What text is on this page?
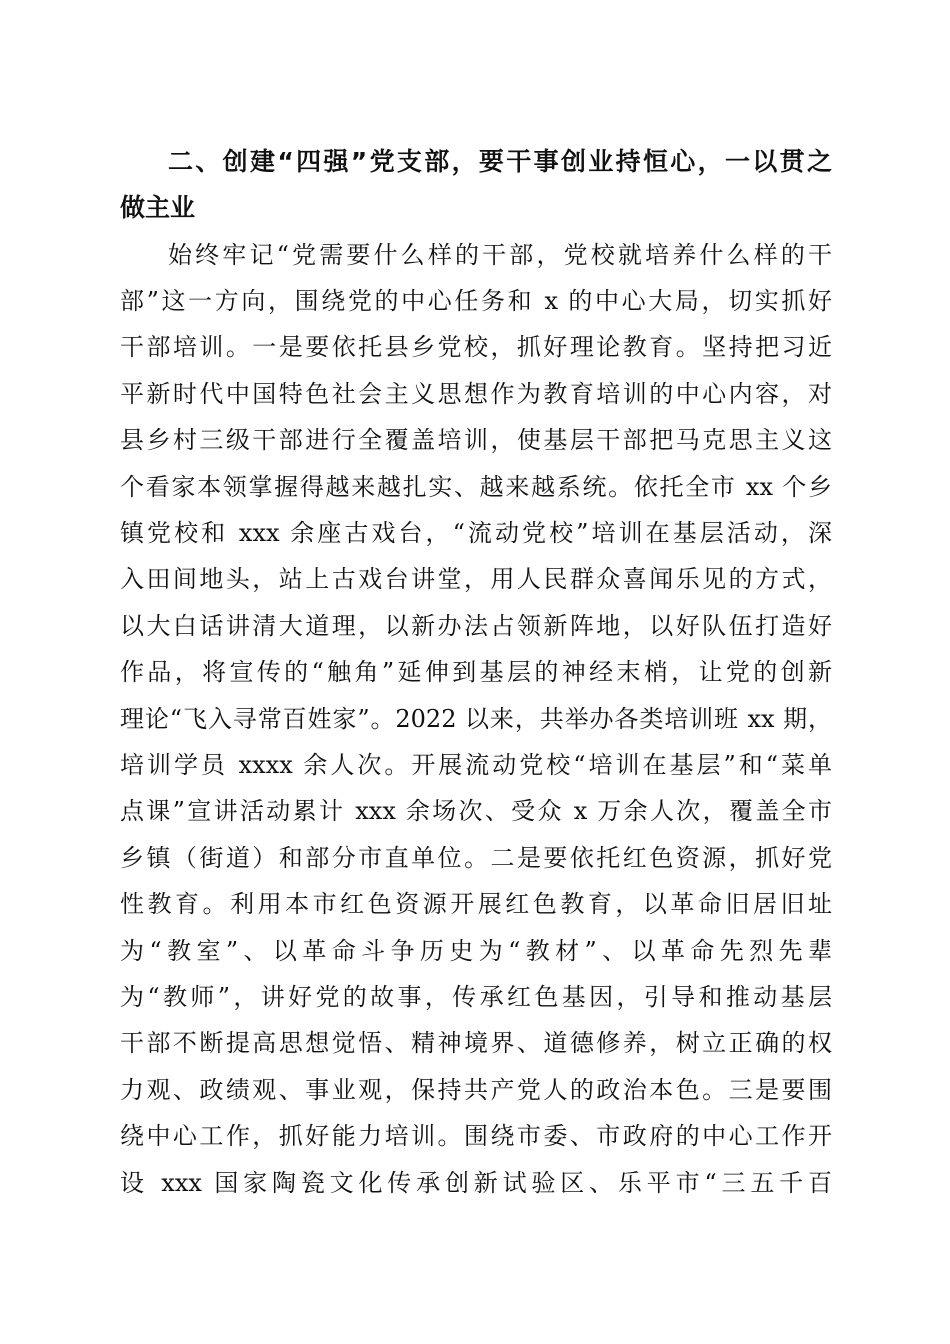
二、创建“四强”党支部，要干事创业持恒心，一以贯之
做主业
始终牢记“党需要什么样的干部，党校就培养什么样的干
部”这一方向，围绕党的中心任务和 x 的中心大局，切实抓好
干部培训。一是要依托县乡党校，抓好理论教育。坚持把习近
平新时代中国特色社会主义思想作为教育培训的中心内容，对
县乡村三级干部进行全覆盖培训，使基层干部把马克思主义这
个看家本领掌握得越来越扎实、越来越系统。依托全市 xx 个乡
镇党校和 xxx 余座古戏台，“流动党校”培训在基层活动，深
入田间地头，站上古戏台讲堂，用人民群众喜闻乐见的方式，
以大白话讲清大道理，以新办法占领新阵地，以好队伍打造好
作品，将宣传的“触角”延伸到基层的神经末梢，让党的创新
理论“飞入寻常百姓家”。2022 以来，共举办各类培训班 xx 期，
培训学员 xxxx 余人次。开展流动党校“培训在基层”和“菜单
点课”宣讲活动累计 xxx 余场次、受众 x 万余人次，覆盖全市
乡镇（街道）和部分市直单位。二是要依托红色资源，抓好党
性教育。利用本市红色资源开展红色教育，以革命旧居旧址
为“教室”、以革命斗争历史为“教材”、以革命先烈先辈
为“教师”，讲好党的故事，传承红色基因，引导和推动基层
干部不断提高思想觉悟、精神境界、道德修养，树立正确的权
力观、政绩观、事业观，保持共产党人的政治本色。三是要围
绕中心工作，抓好能力培训。围绕市委、市政府的中心工作开
设 xxx 国家陶瓷文化传承创新试验区、乐平市“三五千百
